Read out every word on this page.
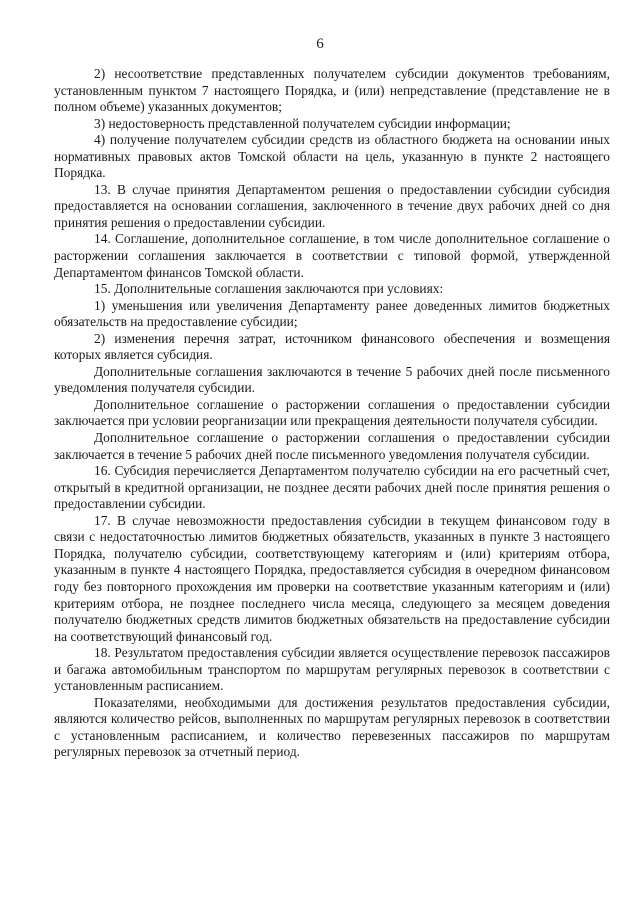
6

2) несоответствие представленных получателем субсидии документов требованиям, установленным пунктом 7 настоящего Порядка, и (или) непредставление (представление не в полном объеме) указанных документов;

3) недостоверность представленной получателем субсидии информации;

4) получение получателем субсидии средств из областного бюджета на основании иных нормативных правовых актов Томской области на цель, указанную в пункте 2 настоящего Порядка.

13. В случае принятия Департаментом решения о предоставлении субсидии субсидия предоставляется на основании соглашения, заключенного в течение двух рабочих дней со дня принятия решения о предоставлении субсидии.

14. Соглашение, дополнительное соглашение, в том числе дополнительное соглашение о расторжении соглашения заключается в соответствии с типовой формой, утвержденной Департаментом финансов Томской области.

15. Дополнительные соглашения заключаются при условиях:

1) уменьшения или увеличения Департаменту ранее доведенных лимитов бюджетных обязательств на предоставление субсидии;

2) изменения перечня затрат, источником финансового обеспечения и возмещения которых является субсидия.

Дополнительные соглашения заключаются в течение 5 рабочих дней после письменного уведомления получателя субсидии.

Дополнительное соглашение о расторжении соглашения о предоставлении субсидии заключается при условии реорганизации или прекращения деятельности получателя субсидии.

Дополнительное соглашение о расторжении соглашения о предоставлении субсидии заключается в течение 5 рабочих дней после письменного уведомления получателя субсидии.

16. Субсидия перечисляется Департаментом получателю субсидии на его расчетный счет, открытый в кредитной организации, не позднее десяти рабочих дней после принятия решения о предоставлении субсидии.

17. В случае невозможности предоставления субсидии в текущем финансовом году в связи с недостаточностью лимитов бюджетных обязательств, указанных в пункте 3 настоящего Порядка, получателю субсидии, соответствующему категориям и (или) критериям отбора, указанным в пункте 4 настоящего Порядка, предоставляется субсидия в очередном финансовом году без повторного прохождения им проверки на соответствие указанным категориям и (или) критериям отбора, не позднее последнего числа месяца, следующего за месяцем доведения получателю бюджетных средств лимитов бюджетных обязательств на предоставление субсидии на соответствующий финансовый год.

18. Результатом предоставления субсидии является осуществление перевозок пассажиров и багажа автомобильным транспортом по маршрутам регулярных перевозок в соответствии с установленным расписанием.

Показателями, необходимыми для достижения результатов предоставления субсидии, являются количество рейсов, выполненных по маршрутам регулярных перевозок в соответствии с установленным расписанием, и количество перевезенных пассажиров по маршрутам регулярных перевозок за отчетный период.
